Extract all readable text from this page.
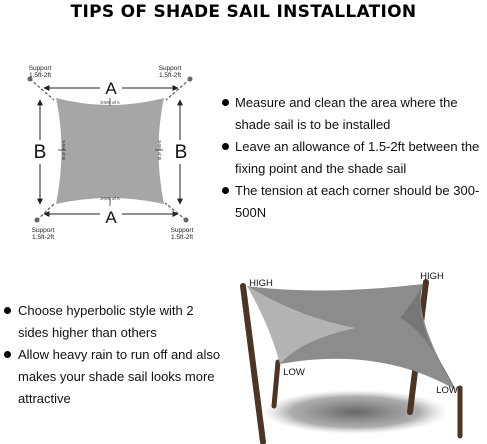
TIPS OF SHADE SAIL INSTALLATION
A
A
B	B
3-5% of A
3-5% of A
3-5% of B	3-5% of B
Support
1.5ft-2ft
Support
1.5ft-2ft
Support
1.5ft-2ft
Support
1.5ft-2ft
HIGH
HIGH
LOW
LOW
Measure and clean the area where the shade sail is to be installed
Leave an allowance of 1.5-2ft between the fixing point and the shade sail
The tension at each corner should be 300-500N
Choose hyperbolic style with 2 sides higher than others
Allow heavy rain to run off and also makes your shade sail looks more attractive
